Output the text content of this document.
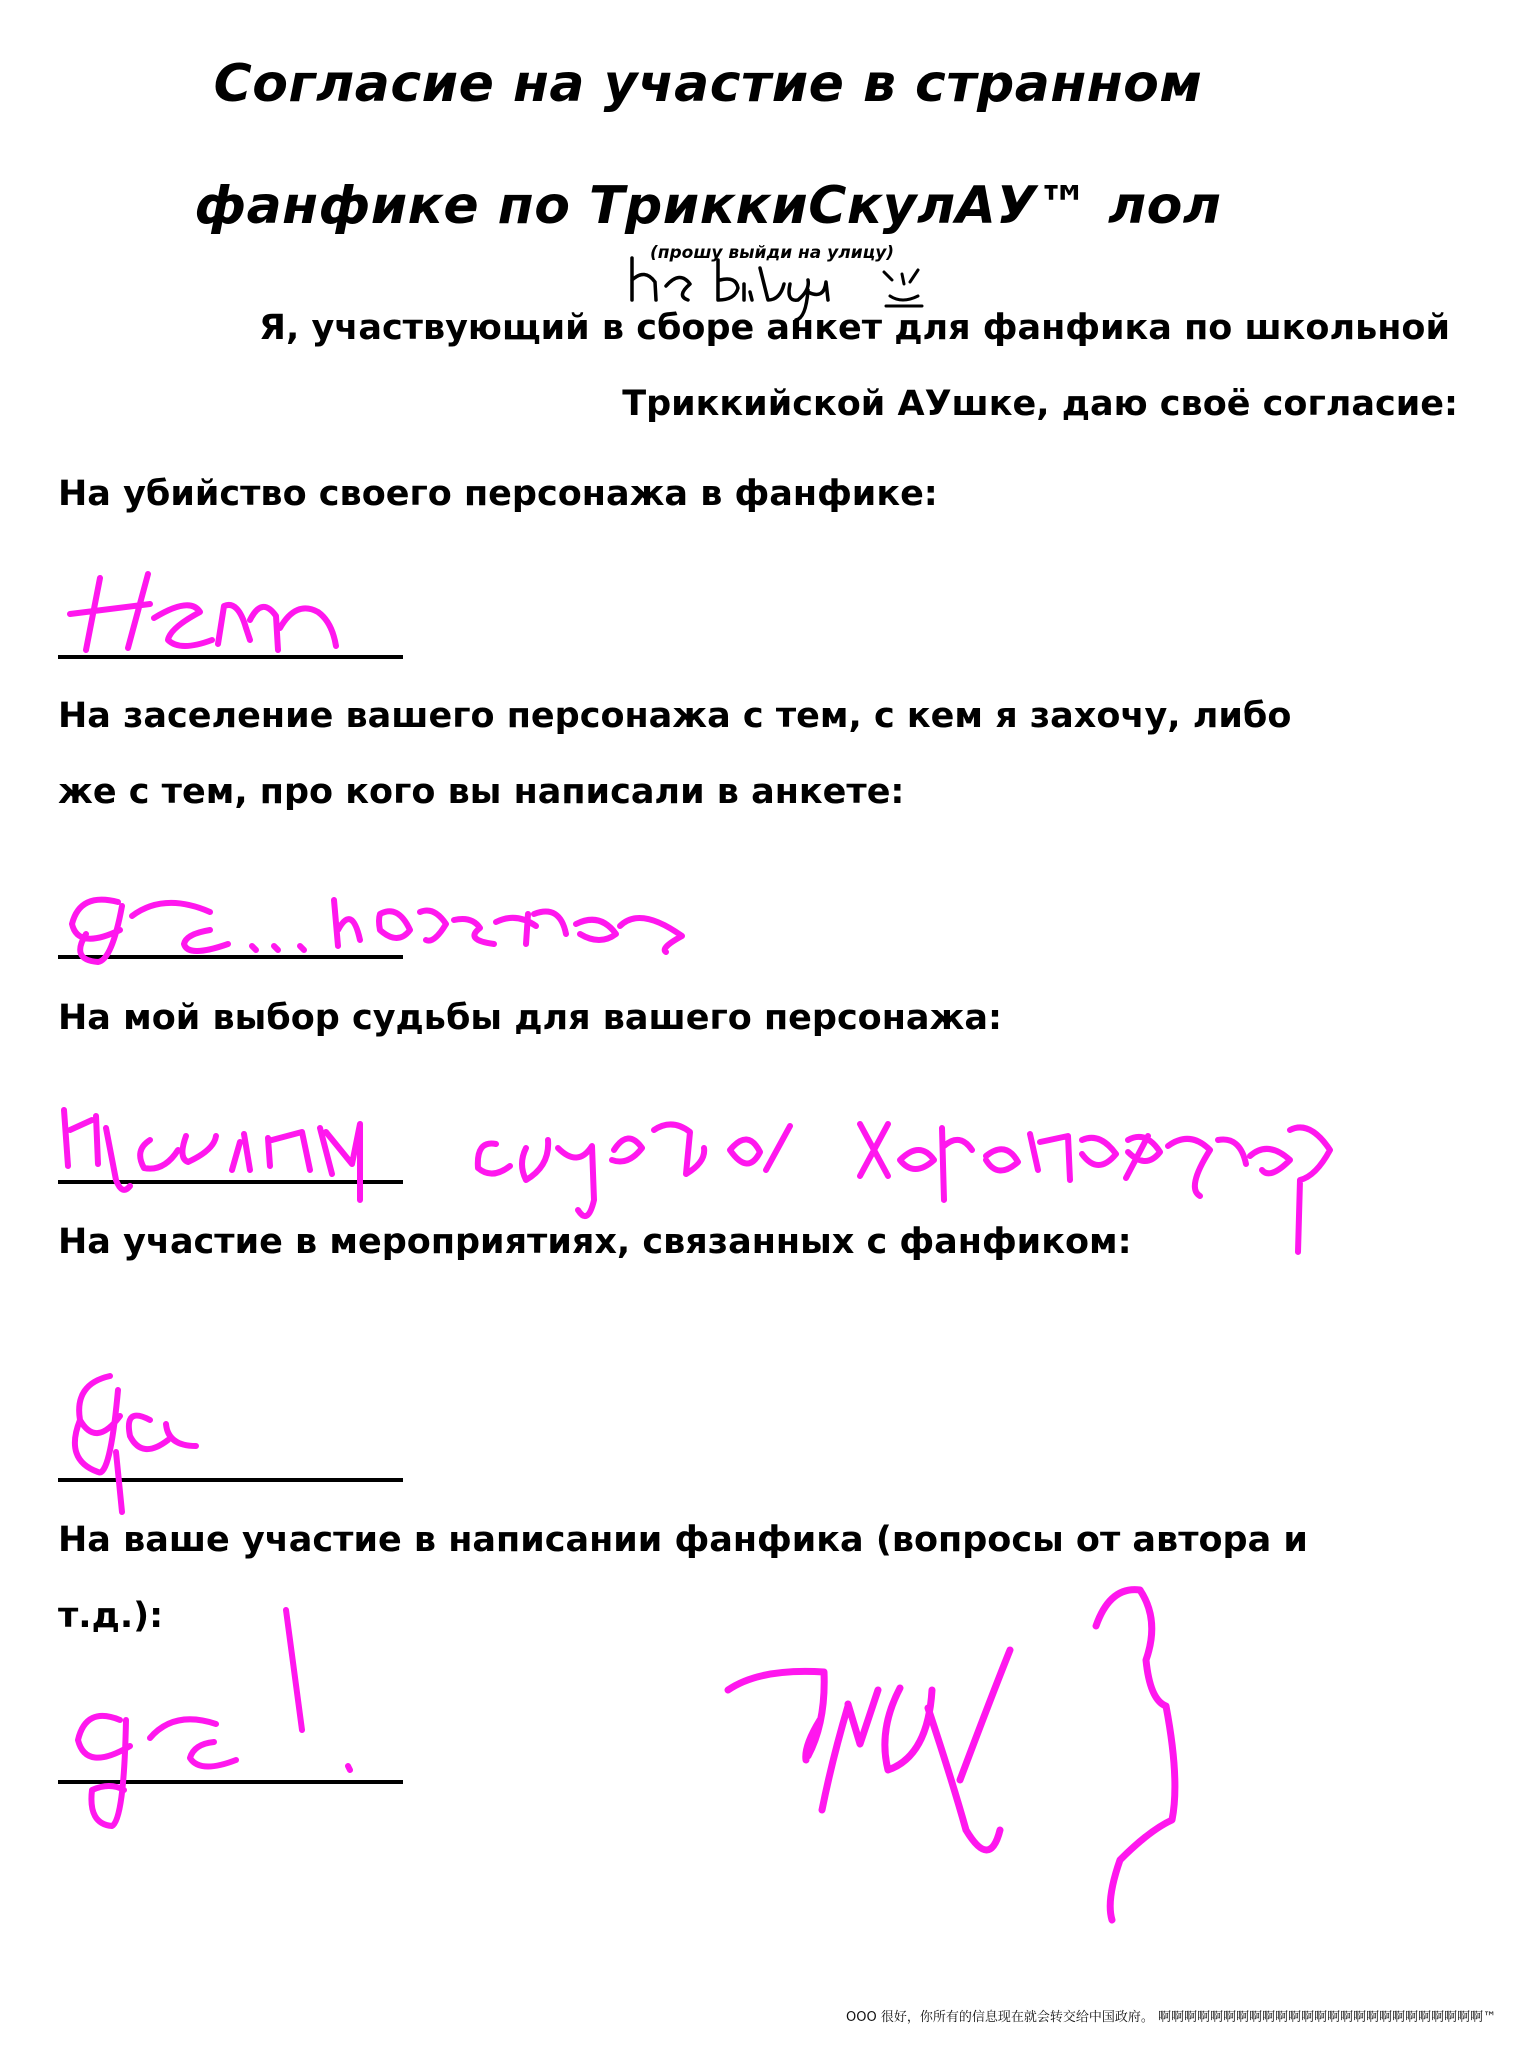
Согласие на участие в странном
фанфике по ТриккиСкулАУ™ лол
(прошу выйди на улицу)
Я, участвующий в сборе анкет для фанфика по школьной
Триккийской АУшке, даю своё согласие:
На убийство своего персонажа в фанфике:
На заселение вашего персонажа с тем, с кем я захочу, либо
же с тем, про кого вы написали в анкете:
На мой выбор судьбы для вашего персонажа:
На участие в мероприятиях, связанных с фанфиком:
На ваше участие в написании фанфика (вопросы от автора и
т.д.):
OOO 很好，你所有的信息现在就会转交给中国政府。 啊啊啊啊啊啊啊啊啊啊啊啊啊啊啊啊啊啊啊啊啊啊啊啊啊™
